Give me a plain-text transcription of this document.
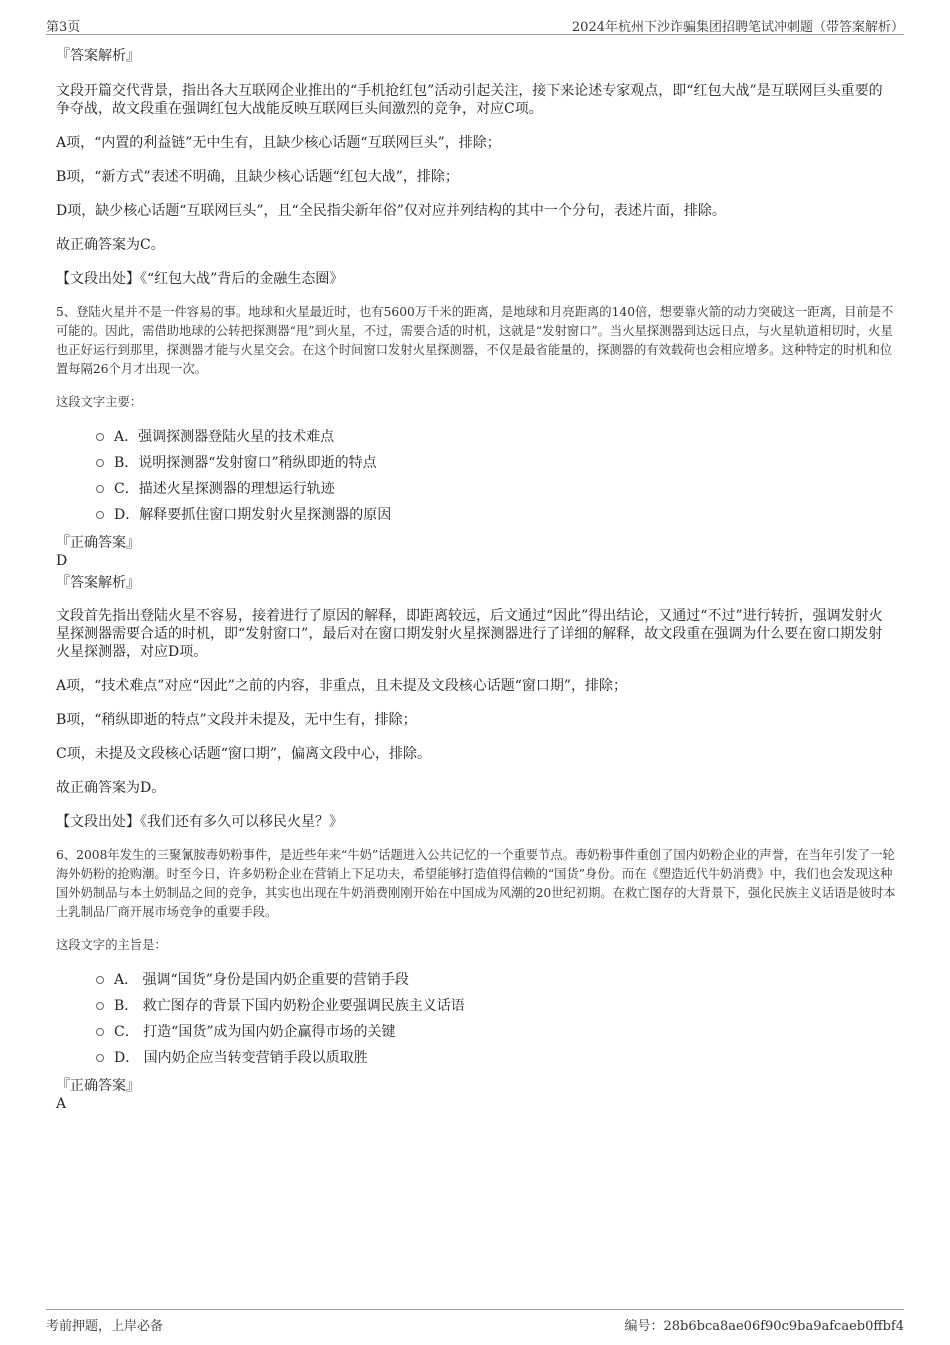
第3页	2024年杭州下沙诈骗集团招聘笔试冲刺题（带答案解析）

『答案解析』

文段开篇交代背景，指出各大互联网企业推出的“手机抢红包”活动引起关注，接下来论述专家观点，即“红包大战”是互联网巨头重要的争夺战，故文段重在强调红包大战能反映互联网巨头间激烈的竞争，对应C项。

A项，“内置的利益链”无中生有，且缺少核心话题“互联网巨头”，排除；

B项，“新方式”表述不明确，且缺少核心话题“红包大战”，排除；

D项，缺少核心话题“互联网巨头”，且“全民指尖新年俗”仅对应并列结构的其中一个分句，表述片面，排除。

故正确答案为C。

【文段出处】《“红包大战”背后的金融生态圈》

5、登陆火星并不是一件容易的事。地球和火星最近时，也有5600万千米的距离，是地球和月亮距离的140倍，想要靠火箭的动力突破这一距离，目前是不可能的。因此，需借助地球的公转把探测器“甩”到火星，不过，需要合适的时机，这就是“发射窗口”。当火星探测器到达远日点，与火星轨道相切时，火星也正好运行到那里，探测器才能与火星交会。在这个时间窗口发射火星探测器，不仅是最省能量的，探测器的有效载荷也会相应增多。这种特定的时机和位置每隔26个月才出现一次。

这段文字主要：

A．强调探测器登陆火星的技术难点
B．说明探测器“发射窗口”稍纵即逝的特点
C．描述火星探测器的理想运行轨迹
D．解释要抓住窗口期发射火星探测器的原因

『正确答案』

D

『答案解析』

文段首先指出登陆火星不容易，接着进行了原因的解释，即距离较远，后文通过“因此”得出结论，又通过“不过”进行转折，强调发射火星探测器需要合适的时机，即“发射窗口”，最后对在窗口期发射火星探测器进行了详细的解释，故文段重在强调为什么要在窗口期发射火星探测器，对应D项。

A项，“技术难点”对应“因此”之前的内容，非重点，且未提及文段核心话题“窗口期”，排除；

B项，“稍纵即逝的特点”文段并未提及，无中生有，排除；

C项，未提及文段核心话题“窗口期”，偏离文段中心，排除。

故正确答案为D。

【文段出处】《我们还有多久可以移民火星？》

6、2008年发生的三聚氰胺毒奶粉事件，是近些年来“牛奶”话题进入公共记忆的一个重要节点。毒奶粉事件重创了国内奶粉企业的声誉，在当年引发了一轮海外奶粉的抢购潮。时至今日，许多奶粉企业在营销上下足功夫，希望能够打造值得信赖的“国货”身份。而在《塑造近代牛奶消费》中，我们也会发现这种国外奶制品与本土奶制品之间的竞争，其实也出现在牛奶消费刚刚开始在中国成为风潮的20世纪初期。在救亡图存的大背景下，强化民族主义话语是彼时本土乳制品厂商开展市场竞争的重要手段。

这段文字的主旨是：

A． 强调“国货”身份是国内奶企重要的营销手段
B． 救亡图存的背景下国内奶粉企业要强调民族主义话语
C． 打造“国货”成为国内奶企赢得市场的关键
D． 国内奶企应当转变营销手段以质取胜

『正确答案』

A

考前押题，上岸必备	编号：28b6bca8ae06f90c9ba9afcaeb0ffbf4
